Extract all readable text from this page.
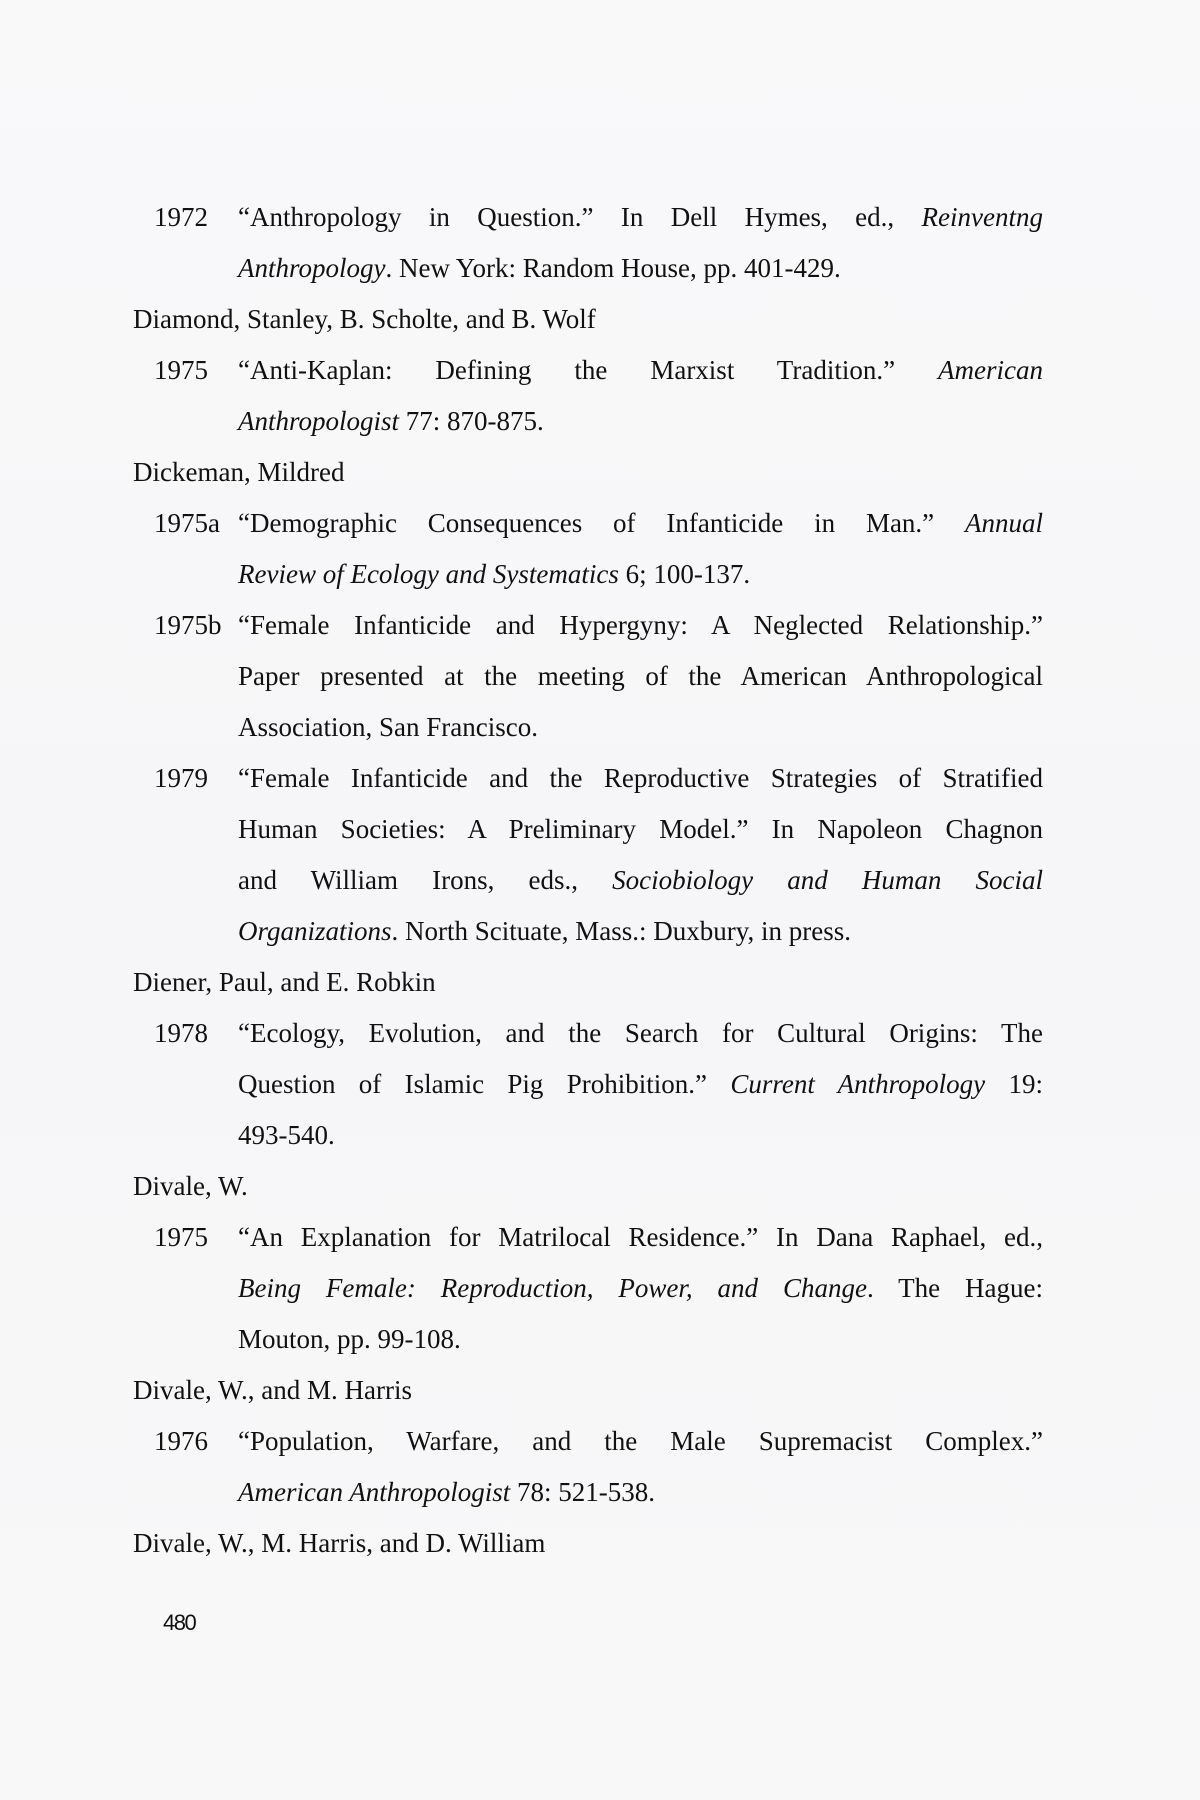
1972	“Anthropology in Question.” In Dell Hymes, ed., Reinventng
Anthropology. New York: Random House, pp. 401-429.
Diamond, Stanley, B. Scholte, and B. Wolf
1975	“Anti-Kaplan: Defining the Marxist Tradition.” American
Anthropologist 77: 870-875.
Dickeman, Mildred
1975a “Demographic Consequences of Infanticide in Man.” Annual
Review of Ecology and Systematics 6; 100-137.
1975b “Female Infanticide and Hypergyny: A Neglected Relationship.”
Paper presented at the meeting of the American Anthropological
Association, San Francisco.
1979	“Female Infanticide and the Reproductive Strategies of Stratified
Human Societies: A Preliminary Model.” In Napoleon Chagnon
and William Irons, eds., Sociobiology and Human Social
Organizations. North Scituate, Mass.: Duxbury, in press.
Diener, Paul, and E. Robkin
1978	“Ecology, Evolution, and the Search for Cultural Origins: The
Question of Islamic Pig Prohibition.” Current Anthropology 19:
493-540.
Divale, W.
1975	“An Explanation for Matrilocal Residence.” In Dana Raphael, ed.,
Being Female: Reproduction, Power, and Change. The Hague:
Mouton, pp. 99-108.
Divale, W., and M. Harris
1976	“Population, Warfare, and the Male Supremacist Complex.”
American Anthropologist 78: 521-538.
Divale, W., M. Harris, and D. William
480
